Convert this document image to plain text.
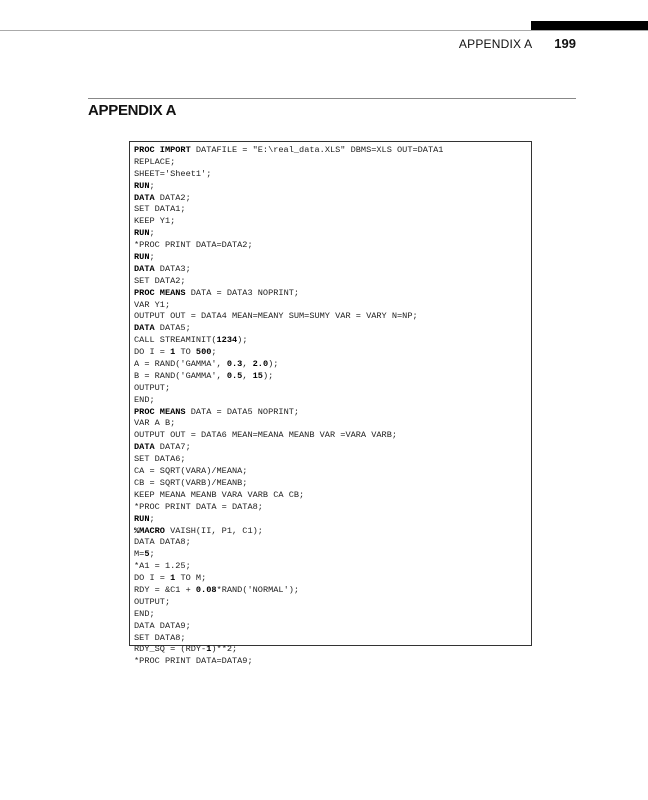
APPENDIX A 199
APPENDIX A
PROC IMPORT DATAFILE = "E:\real_data.XLS" DBMS=XLS OUT=DATA1
REPLACE;
SHEET='Sheet1';
RUN;
DATA DATA2;
SET DATA1;
KEEP Y1;
RUN;
*PROC PRINT DATA=DATA2;
RUN;
DATA DATA3;
SET DATA2;
PROC MEANS DATA = DATA3 NOPRINT;
VAR Y1;
OUTPUT OUT = DATA4 MEAN=MEANY SUM=SUMY VAR = VARY N=NP;
DATA DATA5;
CALL STREAMINIT(1234);
DO I = 1 TO 500;
A = RAND('GAMMA', 0.3, 2.0);
B = RAND('GAMMA', 0.5, 15);
OUTPUT;
END;
PROC MEANS DATA = DATA5 NOPRINT;
VAR A B;
OUTPUT OUT = DATA6 MEAN=MEANA MEANB VAR =VARA VARB;
DATA DATA7;
SET DATA6;
CA = SQRT(VARA)/MEANA;
CB = SQRT(VARB)/MEANB;
KEEP MEANA MEANB VARA VARB CA CB;
*PROC PRINT DATA = DATA8;
RUN;
%MACRO VAISH(II, P1, C1);
DATA DATA8;
M=5;
*A1 = 1.25;
DO I = 1 TO M;
RDY = &C1 + 0.08*RAND('NORMAL');
OUTPUT;
END;
DATA DATA9;
SET DATA8;
RDY_SQ = (RDY-1)**2;
*PROC PRINT DATA=DATA9;
